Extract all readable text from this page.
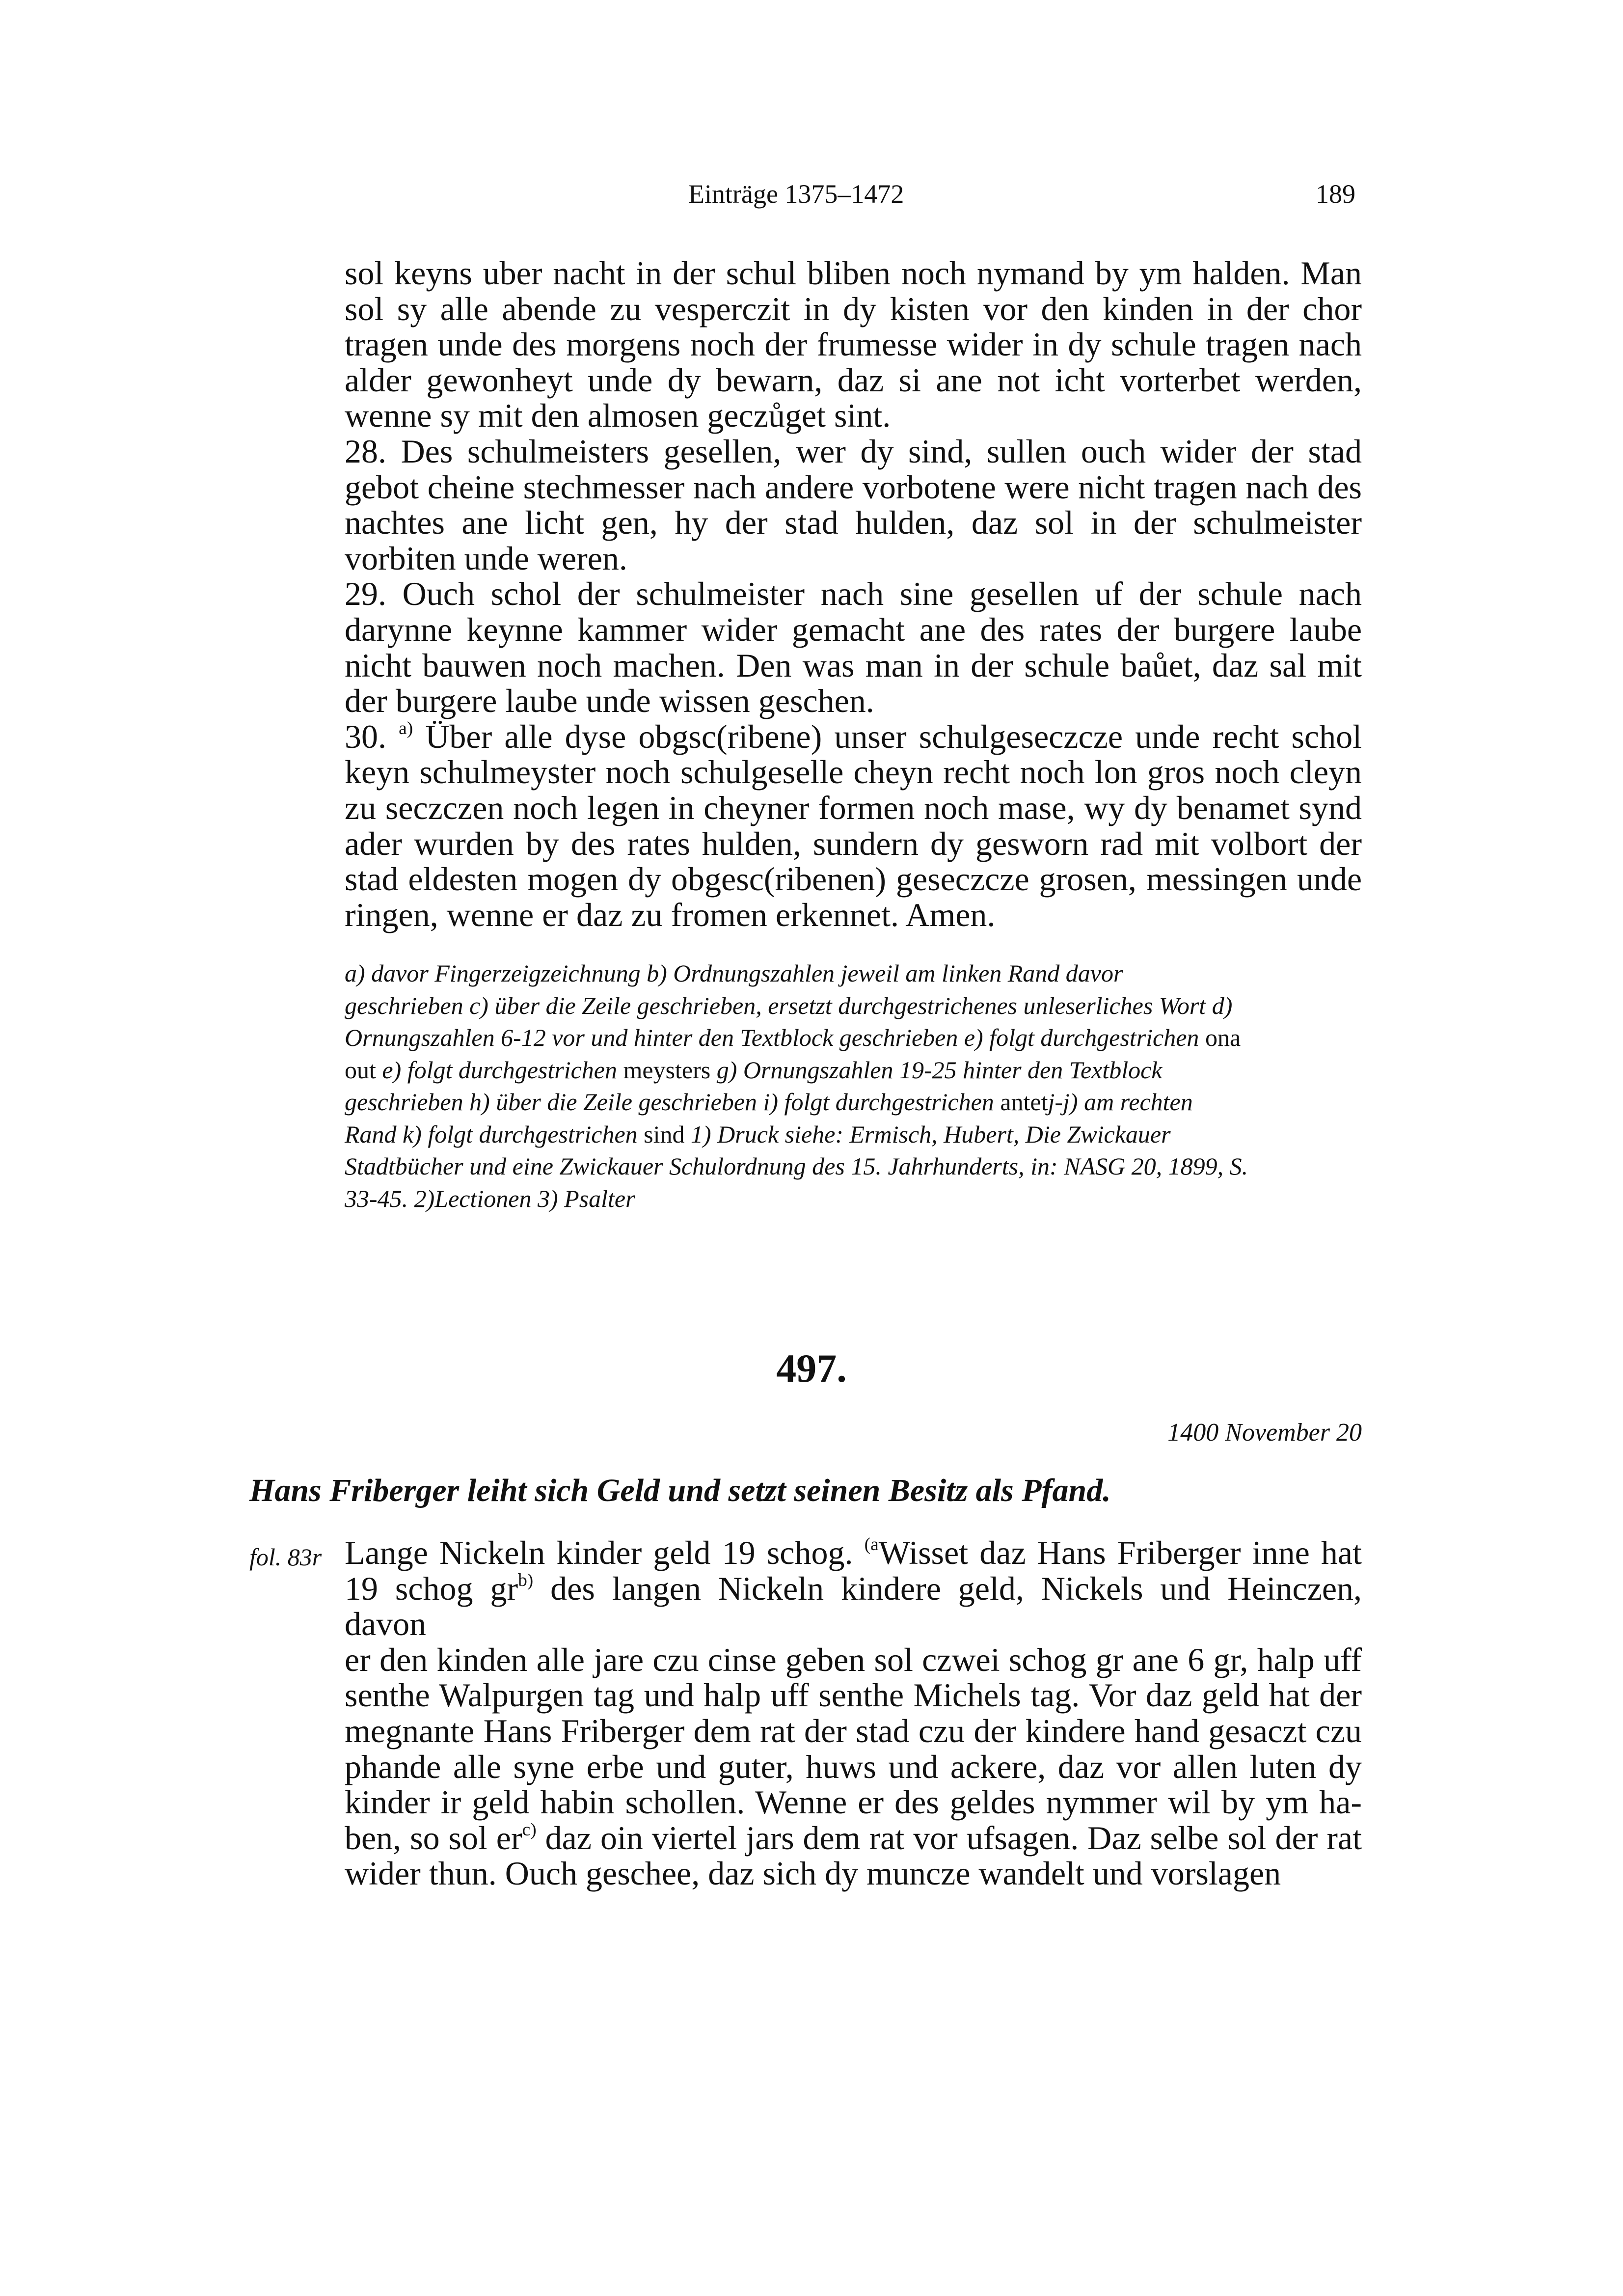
Einträge 1375–1472	189

sol keyns uber nacht in der schul bliben noch nymand by ym halden. Man

sol sy alle abende zu vesperczit in dy kisten vor den kinden in der chor

tragen unde des morgens noch der frumesse wider in dy schule tragen nach

alder gewonheyt unde dy bewarn, daz si ane not icht vorterbet werden,

wenne sy mit den almosen geczůget sint.

28. Des schulmeisters gesellen, wer dy sind, sullen ouch wider der stad

gebot cheine stechmesser nach andere vorbotene were nicht tragen nach des

nachtes ane licht gen, hy der stad hulden, daz sol in der schulmeister

vorbiten unde weren.

29. Ouch schol der schulmeister nach sine gesellen uf der schule nach

darynne keynne kammer wider gemacht ane des rates der burgere laube

nicht bauwen noch machen. Den was man in der schule baůet, daz sal mit

der burgere laube unde wissen geschen.

30. $^{a)}$ Über alle dyse obgsc(ribene) unser schulgeseczcze unde recht schol

keyn schulmeyster noch schulgeselle cheyn recht noch lon gros noch cleyn

zu seczczen noch legen in cheyner formen noch mase, wy dy benamet synd

ader wurden by des rates hulden, sundern dy gesworn rad mit volbort der

stad eldesten mogen dy obgesc(ribenen) geseczcze grosen, messingen unde

ringen, wenne er daz zu fromen erkennet. Amen.

a) davor Fingerzeigzeichnung b) Ordnungszahlen jeweil am linken Rand davor
geschrieben c) über die Zeile geschrieben, ersetzt durchgestrichenes unleserliches Wort d)
Ornungszahlen 6-12 vor und hinter den Textblock geschrieben e) folgt durchgestrichen ona
out e) folgt durchgestrichen meysters g) Ornungszahlen 19-25 hinter den Textblock
geschrieben h) über die Zeile geschrieben i) folgt durchgestrichen antetj-j) am rechten
Rand k) folgt durchgestrichen sind 1) Druck siehe: Ermisch, Hubert, Die Zwickauer
Stadtbücher und eine Zwickauer Schulordnung des 15. Jahrhunderts, in: NASG 20, 1899, S.
33-45. 2)Lectionen 3) Psalter
497.
1400 November 20
Hans Friberger leiht sich Geld und setzt seinen Besitz als Pfand.
fol. 83r Lange Nickeln kinder geld 19 schog. $^{(a}$Wisset daz Hans Friberger inne hat

19 schog $gr^{b)}$ des langen Nickeln kindere geld, Nickels und Heinczen, davon

er den kinden alle jare czu cinse geben sol czwei schog gr ane 6 gr, halp uff

senthe Walpurgen tag und halp uff senthe Michels tag. Vor daz geld hat der

megnante Hans Friberger dem rat der stad czu der kindere hand gesaczt czu

phande alle syne erbe und guter, huws und ackere, daz vor allen luten dy

kinder ir geld habin schollen. Wenne er des geldes nymmer wil by ym ha-

ben, so sol $er^{c)}$ daz oin viertel jars dem rat vor ufsagen. Daz selbe sol der rat

wider thun. Ouch geschee, daz sich dy muncze wandelt und vorslagen
